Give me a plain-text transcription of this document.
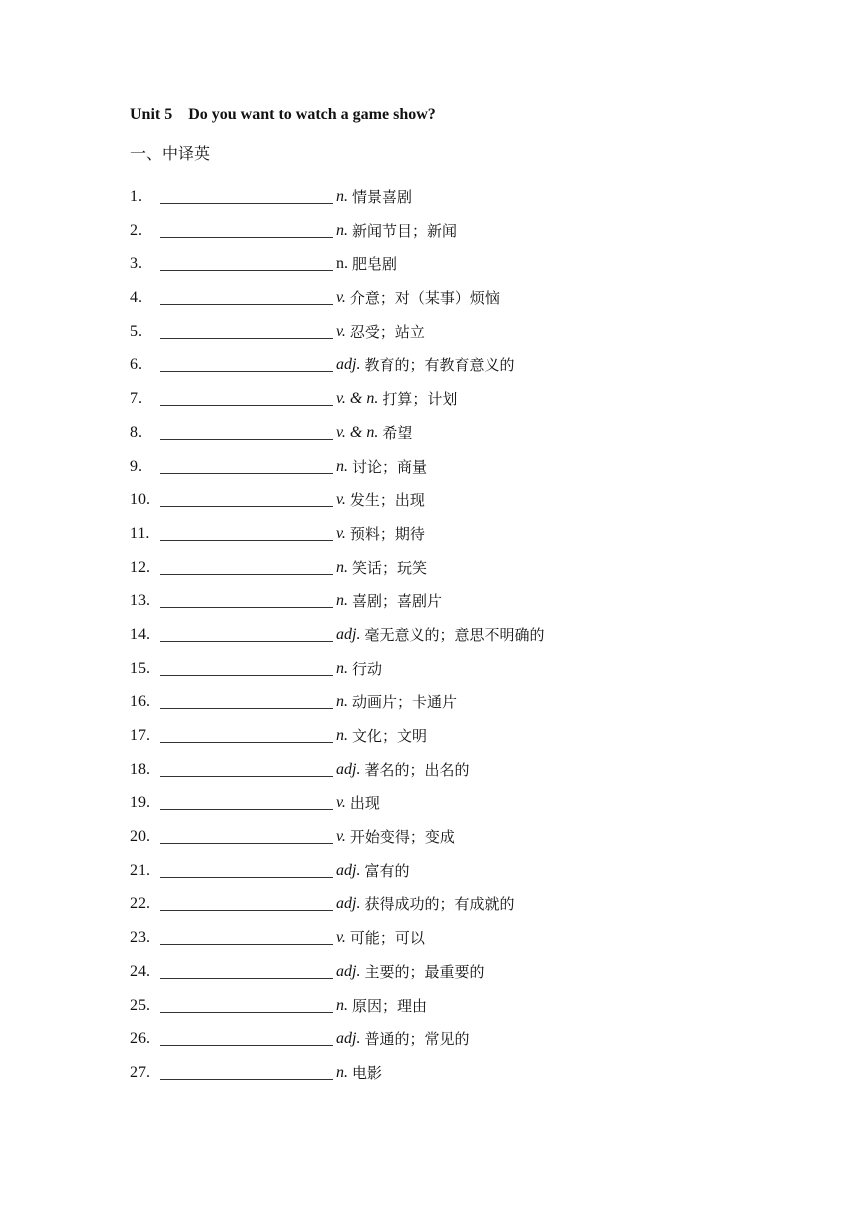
Unit 5    Do you want to watch a game show?
一、中译英
1.	n. 情景喜剧
2.	n. 新闻节目；新闻
3.	n. 肥皂剧
4.	v. 介意；对（某事）烦恼
5.	v. 忍受；站立
6.	adj. 教育的；有教育意义的
7.	v. & n. 打算；计划
8.	v. & n. 希望
9.	n. 讨论；商量
10.	v. 发生；出现
11.	v. 预料；期待
12.	n. 笑话；玩笑
13.	n. 喜剧；喜剧片
14.	adj. 毫无意义的；意思不明确的
15.	n. 行动
16.	n. 动画片；卡通片
17.	n. 文化；文明
18.	adj. 著名的；出名的
19.	v. 出现
20.	v. 开始变得；变成
21.	adj. 富有的
22.	adj. 获得成功的；有成就的
23.	v. 可能；可以
24.	adj. 主要的；最重要的
25.	n. 原因；理由
26.	adj. 普通的；常见的
27.	n. 电影
